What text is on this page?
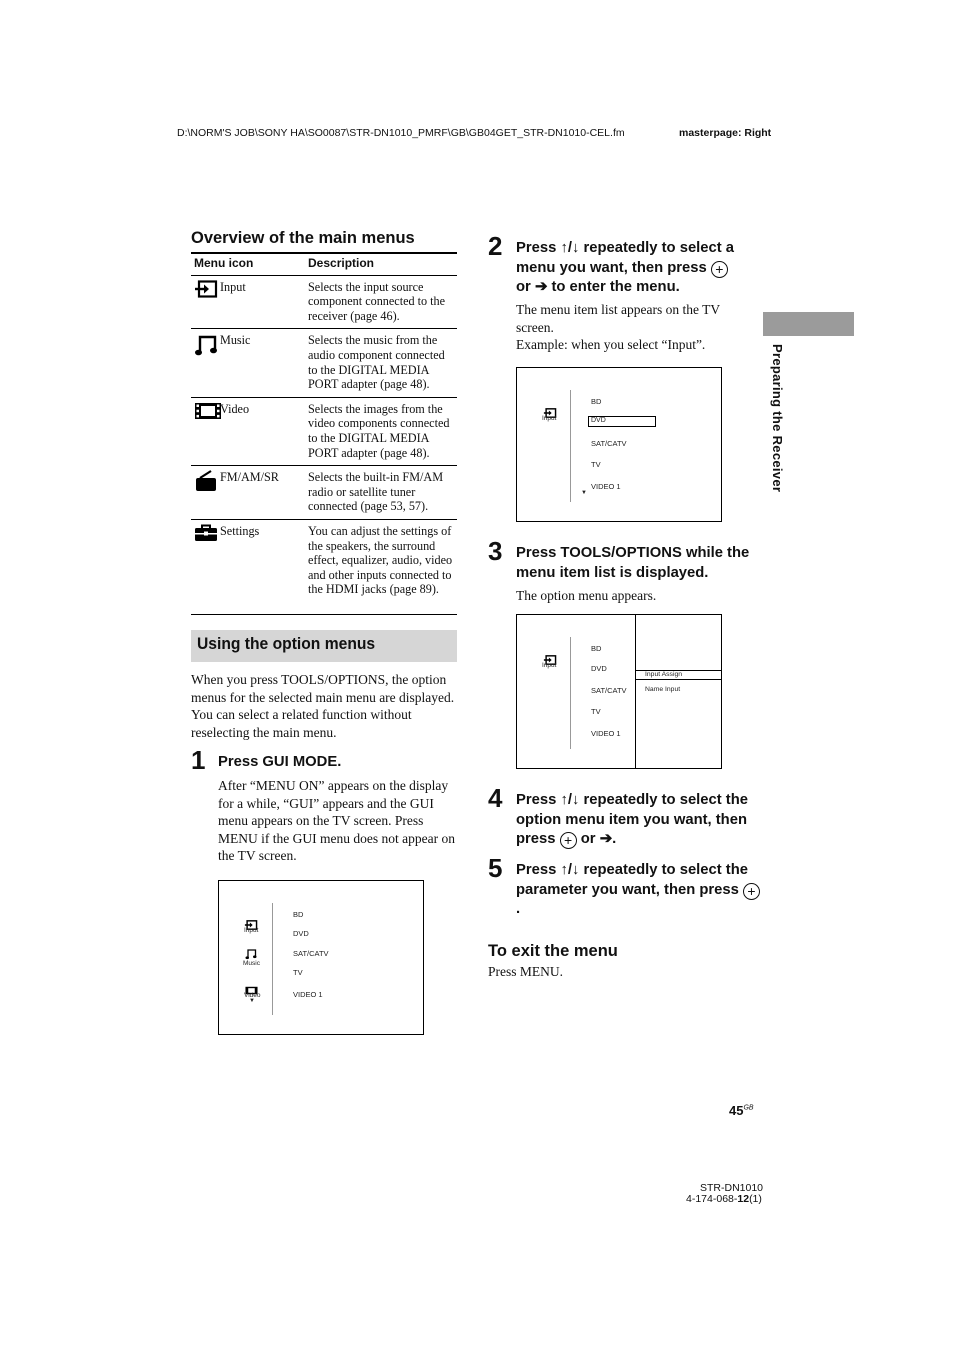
D:\NORM'S JOB\SONY HA\SO0087\STR-DN1010_PMRF\GB\GB04GET_STR-DN1010-CEL.fm	masterpage: Right
Preparing the Receiver
Overview of the main menus
Menu icon	Description
Input	Selects the input source component connected to the receiver (page 46).
Music	Selects the music from the audio component connected to the DIGITAL MEDIA PORT adapter (page 48).
Video	Selects the images from the video components connected to the DIGITAL MEDIA PORT adapter (page 48).
FM/AM/SR	Selects the built-in FM/AM radio or satellite tuner connected (page 53, 57).
Settings	You can adjust the settings of the speakers, the surround effect, equalizer, audio, video and other inputs connected to the HDMI jacks (page 89).
Using the option menus
When you press TOOLS/OPTIONS, the option menus for the selected main menu are displayed. You can select a related function without reselecting the main menu.
1 Press GUI MODE.
After “MENU ON” appears on the display for a while, “GUI” appears and the GUI menu appears on the TV screen. Press MENU if the GUI menu does not appear on the TV screen.
Input
Music
Video
▼
BD
DVD
SAT/CATV
TV
VIDEO 1
2 Press ↑/↓ repeatedly to select a menu you want, then press +
or ➔ to enter the menu.
The menu item list appears on the TV screen.
Example: when you select “Input”.
Input
BD
DVD
SAT/CATV
TV
VIDEO 1
▼
3 Press TOOLS/OPTIONS while the menu item list is displayed.
The option menu appears.
Input
BD
DVD
SAT/CATV
TV
VIDEO 1
Input Assign
Name Input
4 Press ↑/↓ repeatedly to select the option menu item you want, then press + or ➔.
5 Press ↑/↓ repeatedly to select the parameter you want, then press +.
To exit the menu
Press MENU.
$45^{GB}$
STR-DN1010
4-174-068-12(1)
